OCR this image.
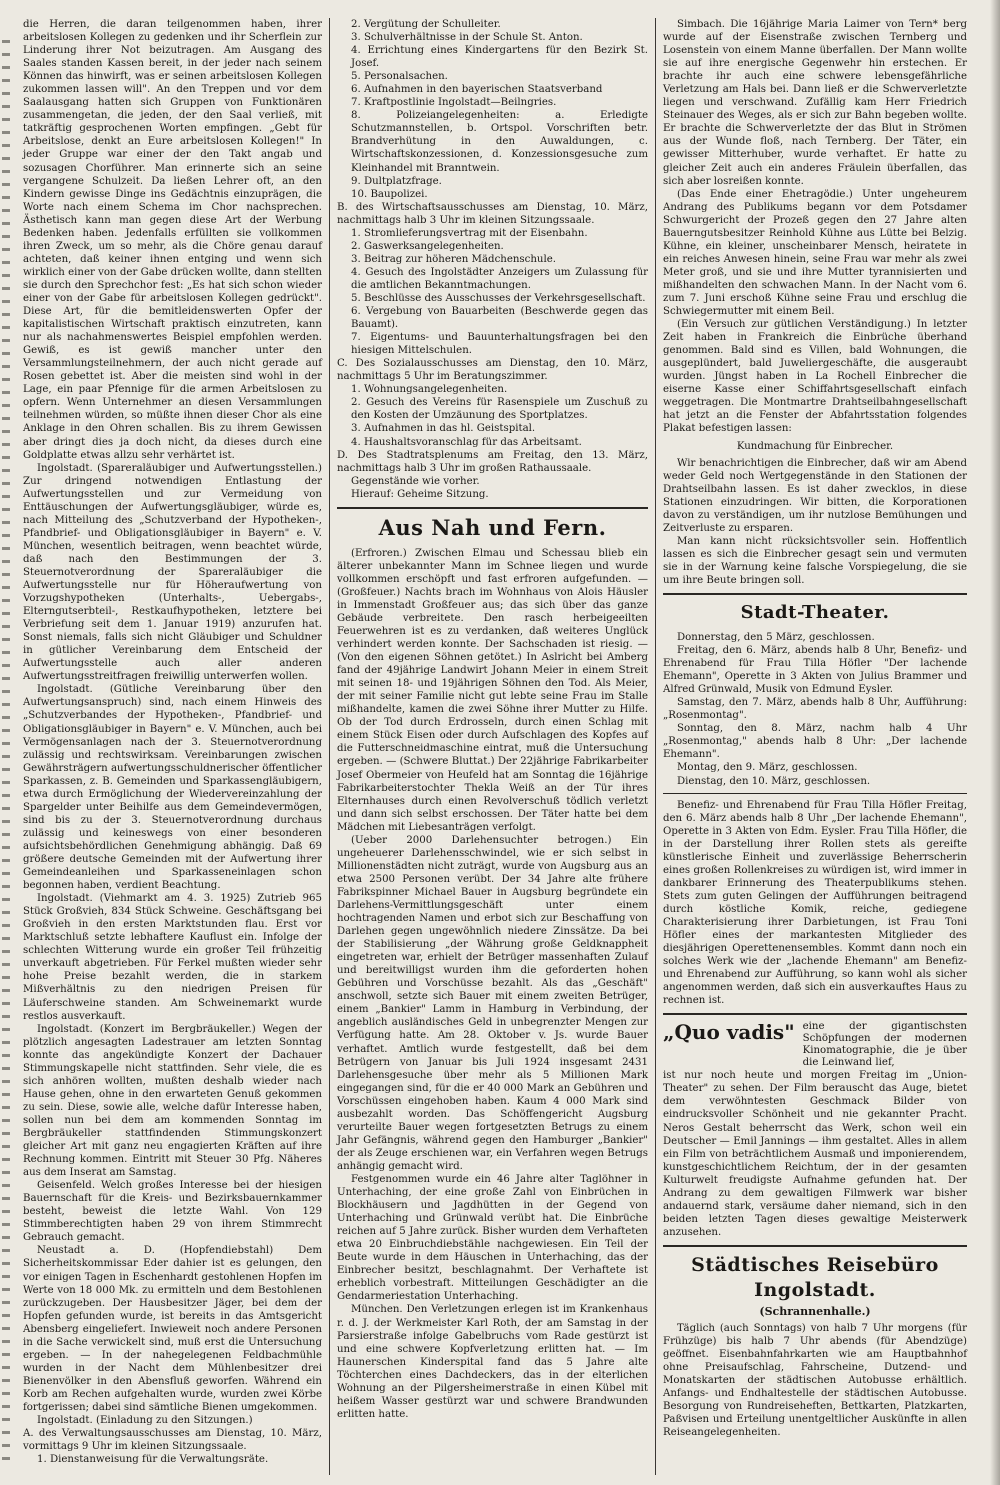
die Herren, die daran teilgenommen haben, ihrer arbeitslosen Kollegen zu gedenken und ihr Scherflein zur Linderung ihrer Not beizutragen. Am Ausgang des Saales standen Kassen bereit, in der jeder nach seinem Können das hinwirft, was er seinen arbeitslosen Kollegen zukommen lassen will". An den Treppen und vor dem Saalausgang hatten sich Gruppen von Funktionären zusammengetan, die jeden, der den Saal verließ, mit tatkräftig gesprochenen Worten empfingen. „Gebt für Arbeitslose, denkt an Eure arbeitslosen Kollegen!" In jeder Gruppe war einer der den Takt angab und sozusagen Chorführer. Man erinnerte sich an seine vergangene Schulzeit. Da ließen Lehrer oft, an den Kindern gewisse Dinge ins Gedächtnis einzuprägen, die Worte nach einem Schema im Chor nachsprechen. Ästhetisch kann man gegen diese Art der Werbung Bedenken haben. Jedenfalls erfüllten sie vollkommen ihren Zweck, um so mehr, als die Chöre genau darauf achteten, daß keiner ihnen entging und wenn sich wirklich einer von der Gabe drücken wollte, dann stellten sie durch den Sprechchor fest: „Es hat sich schon wieder einer von der Gabe für arbeitslosen Kollegen gedrückt". Diese Art, für die bemitleidenswerten Opfer der kapitalistischen Wirtschaft praktisch einzutreten, kann nur als nachahmenswertes Beispiel empfohlen werden. Gewiß, es ist gewiß mancher unter den Versammlungsteilnehmern, der auch nicht gerade auf Rosen gebettet ist. Aber die meisten sind wohl in der Lage, ein paar Pfennige für die armen Arbeitslosen zu opfern. Wenn Unternehmer an diesen Versammlungen teilnehmen würden, so müßte ihnen dieser Chor als eine Anklage in den Ohren schallen. Bis zu ihrem Gewissen aber dringt dies ja doch nicht, da dieses durch eine Goldplatte etwas allzu sehr verhärtet ist.

Ingolstadt. (Spareraläubiger und Aufwertungsstellen.) Zur dringend notwendigen Entlastung der Aufwertungsstellen und zur Vermeidung von Enttäuschungen der Aufwertungsgläubiger, würde es, nach Mitteilung des „Schutzverband der Hypotheken-, Pfandbrief- und Obligationsgläubiger in Bayern" e. V. München, wesentlich beitragen, wenn beachtet würde, daß nach den Bestimmungen der 3. Steuernotverordnung der Spareraläubiger die Aufwertungsstelle nur für Höheraufwertung von Vorzugshypotheken (Unterhalts-, Uebergabs-, Elterngutserbteil-, Restkaufhypotheken, letztere bei Verbriefung seit dem 1. Januar 1919) anzurufen hat. Sonst niemals, falls sich nicht Gläubiger und Schuldner in gütlicher Vereinbarung dem Entscheid der Aufwertungsstelle auch aller anderen Aufwertungsstreitfragen freiwillig unterwerfen wollen.

Ingolstadt. (Gütliche Vereinbarung über den Aufwertungsanspruch) sind, nach einem Hinweis des „Schutzverbandes der Hypotheken-, Pfandbrief- und Obligationsgläubiger in Bayern" e. V. München, auch bei Vermögensanlagen nach der 3. Steuernotverordnung zulässig und rechtswirksam. Vereinbarungen zwischen Gewährsträgern aufwertungsschuldnerischer öffentlicher Sparkassen, z. B. Gemeinden und Sparkassengläubigern, etwa durch Ermöglichung der Wiedervereinzahlung der Spargelder unter Beihilfe aus dem Gemeindevermögen, sind bis zu der 3. Steuernotverordnung durchaus zulässig und keineswegs von einer besonderen aufsichtsbehördlichen Genehmigung abhängig. Daß 69 größere deutsche Gemeinden mit der Aufwertung ihrer Gemeindeanleihen und Sparkasseneinlagen schon begonnen haben, verdient Beachtung.

Ingolstadt. (Viehmarkt am 4. 3. 1925) Zutrieb 965 Stück Großvieh, 834 Stück Schweine. Geschäftsgang bei Großvieh in den ersten Marktstunden flau. Erst vor Marktschluß setzte lebhaftere Kauflust ein. Infolge der schlechten Witterung wurde ein großer Teil frühzeitig unverkauft abgetrieben. Für Ferkel mußten wieder sehr hohe Preise bezahlt werden, die in starkem Mißverhältnis zu den niedrigen Preisen für Läuferschweine standen. Am Schweinemarkt wurde restlos ausverkauft.

Ingolstadt. (Konzert im Bergbräukeller.) Wegen der plötzlich angesagten Ladestrauer am letzten Sonntag konnte das angekündigte Konzert der Dachauer Stimmungskapelle nicht stattfinden. Sehr viele, die es sich anhören wollten, mußten deshalb wieder nach Hause gehen, ohne in den erwarteten Genuß gekommen zu sein. Diese, sowie alle, welche dafür Interesse haben, sollen nun bei dem am kommenden Sonntag im Bergbräukeller stattfindenden Stimmungskonzert gleicher Art mit ganz neu engagierten Kräften auf ihre Rechnung kommen. Eintritt mit Steuer 30 Pfg. Näheres aus dem Inserat am Samstag.

Geisenfeld. Welch großes Interesse bei der hiesigen Bauernschaft für die Kreis- und Bezirksbauernkammer besteht, beweist die letzte Wahl. Von 129 Stimmberechtigten haben 29 von ihrem Stimmrecht Gebrauch gemacht.

Neustadt a. D. (Hopfendiebstahl) Dem Sicherheitskommissar Eder dahier ist es gelungen, den vor einigen Tagen in Eschenhardt gestohlenen Hopfen im Werte von 18 000 Mk. zu ermitteln und dem Bestohlenen zurückzugeben. Der Hausbesitzer Jäger, bei dem der Hopfen gefunden wurde, ist bereits in das Amtsgericht Abensberg eingeliefert. Inwieweit noch andere Personen in die Sache verwickelt sind, muß erst die Untersuchung ergeben. — In der nahegelegenen Feldbachmühle wurden in der Nacht dem Mühlenbesitzer drei Bienenvölker in den Abensfluß geworfen. Während ein Korb am Rechen aufgehalten wurde, wurden zwei Körbe fortgerissen; dabei sind sämtliche Bienen umgekommen.

Ingolstadt. (Einladung zu den Sitzungen.)

A. des Verwaltungsausschusses am Dienstag, 10. März, vormittags 9 Uhr im kleinen Sitzungssaale.

1. Dienstanweisung für die Verwaltungsräte.
2. Vergütung der Schulleiter.
3. Schulverhältnisse in der Schule St. Anton.
4. Errichtung eines Kindergartens für den Bezirk St. Josef.
5. Personalsachen.
6. Aufnahmen in den bayerischen Staatsverband
7. Kraftpostlinie Ingolstadt—Beilngries.
8. Polizeiangelegenheiten: a. Erledigte Schutzmannstellen, b. Ortspol. Vorschriften betr. Brandverhütung in den Auwaldungen, c. Wirtschaftskonzessionen, d. Konzessionsgesuche zum Kleinhandel mit Branntwein.
9. Dultplatzfrage.
10. Baupolizei.

B. des Wirtschaftsausschusses am Dienstag, 10. März, nachmittags halb 3 Uhr im kleinen Sitzungssaale.

1. Stromlieferungsvertrag mit der Eisenbahn.
2. Gaswerksangelegenheiten.
3. Beitrag zur höheren Mädchenschule.
4. Gesuch des Ingolstädter Anzeigers um Zulassung für die amtlichen Bekanntmachungen.
5. Beschlüsse des Ausschusses der Verkehrsgesellschaft.
6. Vergebung von Bauarbeiten (Beschwerde gegen das Bauamt).
7. Eigentums- und Bauunterhaltungsfragen bei den hiesigen Mittelschulen.

C. Des Sozialausschusses am Dienstag, den 10. März, nachmittags 5 Uhr im Beratungszimmer.

1. Wohnungsangelegenheiten.
2. Gesuch des Vereins für Rasenspiele um Zuschuß zu den Kosten der Umzäunung des Sportplatzes.
3. Aufnahmen in das hl. Geistspital.
4. Haushaltsvoranschlag für das Arbeitsamt.

D. Des Stadtratsplenums am Freitag, den 13. März, nachmittags halb 3 Uhr im großen Rathaussaale.

Gegenstände wie vorher.
Hierauf: Geheime Sitzung.
Aus Nah und Fern.

(Erfroren.) Zwischen Elmau und Schessau blieb ein älterer unbekannter Mann im Schnee liegen und wurde vollkommen erschöpft und fast erfroren aufgefunden. — (Großfeuer.) Nachts brach im Wohnhaus von Alois Häusler in Immenstadt Großfeuer aus; das sich über das ganze Gebäude verbreitete. Den rasch herbeigeeilten Feuerwehren ist es zu verdanken, daß weiteres Unglück verhindert werden konnte. Der Sachschaden ist riesig. — (Von den eigenen Söhnen getötet.) In Aslricht bei Amberg fand der 49jährige Landwirt Johann Meier in einem Streit mit seinen 18- und 19jährigen Söhnen den Tod. Als Meier, der mit seiner Familie nicht gut lebte seine Frau im Stalle mißhandelte, kamen die zwei Söhne ihrer Mutter zu Hilfe. Ob der Tod durch Erdrosseln, durch einen Schlag mit einem Stück Eisen oder durch Aufschlagen des Kopfes auf die Futterschneidmaschine eintrat, muß die Untersuchung ergeben. — (Schwere Bluttat.) Der 22jährige Fabrikarbeiter Josef Obermeier von Heufeld hat am Sonntag die 16jährige Fabrikarbeiterstochter Thekla Weiß an der Tür ihres Elternhauses durch einen Revolverschuß tödlich verletzt und dann sich selbst erschossen. Der Täter hatte bei dem Mädchen mit Liebesanträgen verfolgt.

(Ueber 2000 Darlehensuchter betrogen.) Ein ungeheuerer Darlehensschwindel, wie er sich selbst in Millionenstädten nicht zuträgt, wurde von Augsburg aus an etwa 2500 Personen verübt. Der 34 Jahre alte frühere Fabrikspinner Michael Bauer in Augsburg begründete ein Darlehens-Vermittlungsgeschäft unter einem hochtragenden Namen und erbot sich zur Beschaffung von Darlehen gegen ungewöhnlich niedere Zinssätze. Da bei der Stabilisierung „der Währung große Geldknappheit eingetreten war, erhielt der Betrüger massenhaften Zulauf und bereitwilligst wurden ihm die geforderten hohen Gebühren und Vorschüsse bezahlt. Als das „Geschäft" anschwoll, setzte sich Bauer mit einem zweiten Betrüger, einem „Bankier" Lamm in Hamburg in Verbindung, der angeblich ausländisches Geld in unbegrenzter Mengen zur Verfügung hatte. Am 28. Oktober v. Js. wurde Bauer verhaftet. Amtlich wurde festgestellt, daß bei dem Betrügern von Januar bis Juli 1924 insgesamt 2431 Darlehensgesuche über mehr als 5 Millionen Mark eingegangen sind, für die er 40 000 Mark an Gebühren und Vorschüssen eingehoben haben. Kaum 4 000 Mark sind ausbezahlt worden. Das Schöffengericht Augsburg verurteilte Bauer wegen fortgesetzten Betrugs zu einem Jahr Gefängnis, während gegen den Hamburger „Bankier" der als Zeuge erschienen war, ein Verfahren wegen Betrugs anhängig gemacht wird.

Festgenommen wurde ein 46 Jahre alter Taglöhner in Unterhaching, der eine große Zahl von Einbrüchen in Blockhäusern und Jagdhütten in der Gegend von Unterhaching und Grünwald verübt hat. Die Einbrüche reichen auf 5 Jahre zurück. Bisher wurden dem Verhafteten etwa 20 Einbruchdiebstähle nachgewiesen. Ein Teil der Beute wurde in dem Häuschen in Unterhaching, das der Einbrecher besitzt, beschlagnahmt. Der Verhaftete ist erheblich vorbestraft. Mitteilungen Geschädigter an die Gendarmeriestation Unterhaching.

München. Den Verletzungen erlegen ist im Krankenhaus r. d. J. der Werkmeister Karl Roth, der am Samstag in der Parsierstraße infolge Gabelbruchs vom Rade gestürzt ist und eine schwere Kopfverletzung erlitten hat. — Im Haunerschen Kinderspital fand das 5 Jahre alte Töchterchen eines Dachdeckers, das in der elterlichen Wohnung an der Pilgersheimerstraße in einen Kübel mit heißem Wasser gestürzt war und schwere Brandwunden erlitten hatte.

Simbach. Die 16jährige Maria Laimer von Tern* berg wurde auf der Eisenstraße zwischen Ternberg und Losenstein von einem Manne überfallen. Der Mann wollte sie auf ihre energische Gegenwehr hin erstechen. Er brachte ihr auch eine schwere lebensgefährliche Verletzung am Hals bei. Dann ließ er die Schwerverletzte liegen und verschwand. Zufällig kam Herr Friedrich Steinauer des Weges, als er sich zur Bahn begeben wollte. Er brachte die Schwerverletzte der das Blut in Strömen aus der Wunde floß, nach Ternberg. Der Täter, ein gewisser Mitterhuber, wurde verhaftet. Er hatte zu gleicher Zeit auch ein anderes Fräulein überfallen, das sich aber losreißen konnte.

(Das Ende einer Ehetragödie.) Unter ungeheurem Andrang des Publikums begann vor dem Potsdamer Schwurgericht der Prozeß gegen den 27 Jahre alten Bauerngutsbesitzer Reinhold Kühne aus Lütte bei Belzig. Kühne, ein kleiner, unscheinbarer Mensch, heiratete in ein reiches Anwesen hinein, seine Frau war mehr als zwei Meter groß, und sie und ihre Mutter tyrannisierten und mißhandelten den schwachen Mann. In der Nacht vom 6. zum 7. Juni erschoß Kühne seine Frau und erschlug die Schwiegermutter mit einem Beil.

(Ein Versuch zur gütlichen Verständigung.) In letzter Zeit haben in Frankreich die Einbrüche überhand genommen. Bald sind es Villen, bald Wohnungen, die ausgeplündert, bald Juweliergeschäfte, die ausgeraubt wurden. Jüngst haben in La Rochell Einbrecher die eiserne Kasse einer Schiffahrtsgesellschaft einfach weggetragen. Die Montmartre Drahtseilbahngesellschaft hat jetzt an die Fenster der Abfahrtsstation folgendes Plakat befestigen lassen:

Kundmachung für Einbrecher.

Wir benachrichtigen die Einbrecher, daß wir am Abend weder Geld noch Wertgegenstände in den Stationen der Drahtseilbahn lassen. Es ist daher zwecklos, in diese Stationen einzudringen. Wir bitten, die Korporationen davon zu verständigen, um ihr nutzlose Bemühungen und Zeitverluste zu ersparen.

Man kann nicht rücksichtsvoller sein. Hoffentlich lassen es sich die Einbrecher gesagt sein und vermuten sie in der Warnung keine falsche Vorspiegelung, die sie um ihre Beute bringen soll.

Stadt-Theater.

Donnerstag, den 5 März, geschlossen.

Freitag, den 6. März, abends halb 8 Uhr, Benefiz- und Ehrenabend für Frau Tilla Höfler "Der lachende Ehemann", Operette in 3 Akten von Julius Brammer und Alfred Grünwald, Musik von Edmund Eysler.

Samstag, den 7. März, abends halb 8 Uhr, Aufführung: „Rosenmontag".

Sonntag, den 8. März, nachm halb 4 Uhr „Rosenmontag," abends halb 8 Uhr: „Der lachende Ehemann".

Montag, den 9. März, geschlossen.

Dienstag, den 10. März, geschlossen.

Benefiz- und Ehrenabend für Frau Tilla Höfler Freitag, den 6. März abends halb 8 Uhr „Der lachende Ehemann", Operette in 3 Akten von Edm. Eysler. Frau Tilla Höfler, die in der Darstellung ihrer Rollen stets als gereifte künstlerische Einheit und zuverlässige Beherrscherin eines großen Rollenkreises zu würdigen ist, wird immer in dankbarer Erinnerung des Theaterpublikums stehen. Stets zum guten Gelingen der Aufführungen beitragend durch köstliche Komik, reiche, gediegene Charakterisierung ihrer Darbietungen, ist Frau Toni Höfler eines der markantesten Mitglieder des diesjährigen Operettenensembles. Kommt dann noch ein solches Werk wie der „lachende Ehemann" am Benefiz- und Ehrenabend zur Aufführung, so kann wohl als sicher angenommen werden, daß sich ein ausverkauftes Haus zu rechnen ist.

„Quo vadis" eine der gigantischsten Schöpfungen der modernen Kinomatographie, die je über die Leinwand lief,

ist nur noch heute und morgen Freitag im „Union-Theater" zu sehen. Der Film berauscht das Auge, bietet dem verwöhntesten Geschmack Bilder von eindrucksvoller Schönheit und nie gekannter Pracht. Neros Gestalt beherrscht das Werk, schon weil ein Deutscher — Emil Jannings — ihm gestaltet. Alles in allem ein Film von beträchtlichem Ausmaß und imponierendem, kunstgeschichtlichem Reichtum, der in der gesamten Kulturwelt freudigste Aufnahme gefunden hat. Der Andrang zu dem gewaltigen Filmwerk war bisher andauernd stark, versäume daher niemand, sich in den beiden letzten Tagen dieses gewaltige Meisterwerk anzusehen.

Städtisches Reisebüro Ingolstadt.
(Schrannenhalle.)

Täglich (auch Sonntags) von halb 7 Uhr morgens (für Frühzüge) bis halb 7 Uhr abends (für Abendzüge) geöffnet. Eisenbahnfahrkarten wie am Hauptbahnhof ohne Preisaufschlag, Fahrscheine, Dutzend- und Monatskarten der städtischen Autobusse erhältlich. Anfangs- und Endhaltestelle der städtischen Autobusse. Besorgung von Rundreiseheften, Bettkarten, Platzkarten, Paßvisen und Erteilung unentgeltlicher Auskünfte in allen Reiseangelegenheiten.
